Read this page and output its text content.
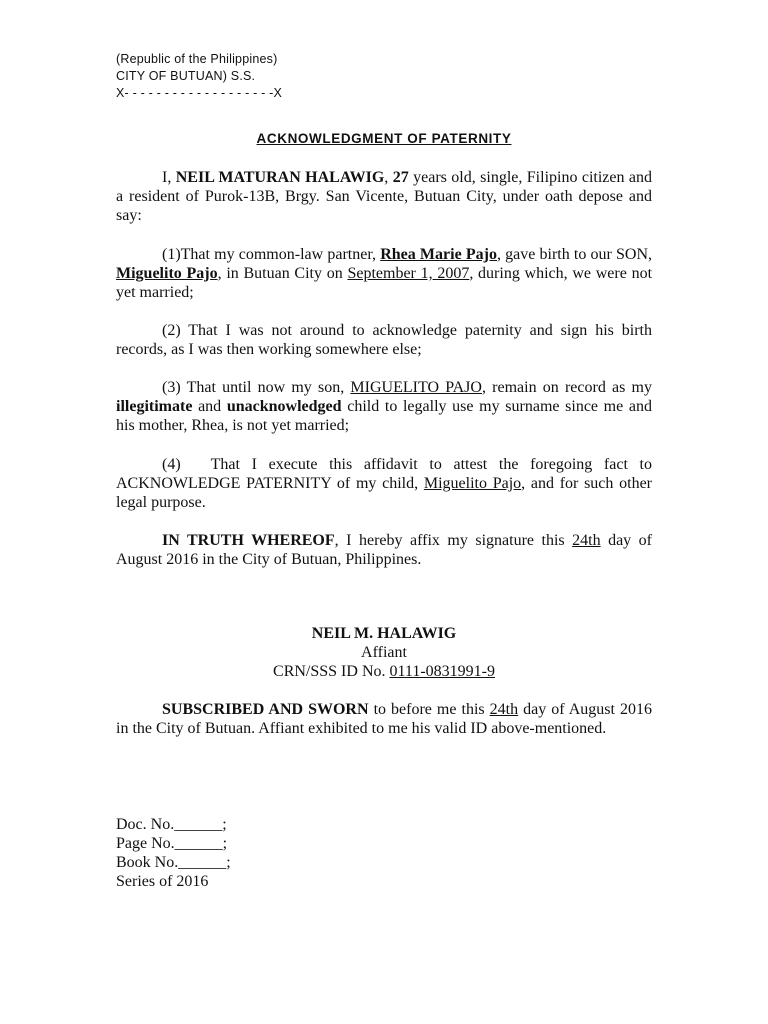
(Republic of the Philippines)
CITY OF BUTUAN) S.S.
X- - - - - - - - - - - - - - - - - - -X
ACKNOWLEDGMENT OF PATERNITY

I, NEIL MATURAN HALAWIG, 27 years old, single, Filipino citizen and a resident of Purok-13B, Brgy. San Vicente, Butuan City, under oath depose and say:

(1)That my common-law partner, Rhea Marie Pajo, gave birth to our SON, Miguelito Pajo, in Butuan City on September 1, 2007, during which, we were not yet married;

(2) That I was not around to acknowledge paternity and sign his birth records, as I was then working somewhere else;

(3) That until now my son, MIGUELITO PAJO, remain on record as my illegitimate and unacknowledged child to legally use my surname since me and his mother, Rhea, is not yet married;

(4) That I execute this affidavit to attest the foregoing fact to ACKNOWLEDGE PATERNITY of my child, Miguelito Pajo, and for such other legal purpose.

IN TRUTH WHEREOF, I hereby affix my signature this 24th day of August 2016 in the City of Butuan, Philippines.

NEIL M. HALAWIG
Affiant
CRN/SSS ID No. 0111-0831991-9

SUBSCRIBED AND SWORN to before me this 24th day of August 2016 in the City of Butuan. Affiant exhibited to me his valid ID above-mentioned.

Doc. No.______;
Page No.______;
Book No.______;
Series of 2016
